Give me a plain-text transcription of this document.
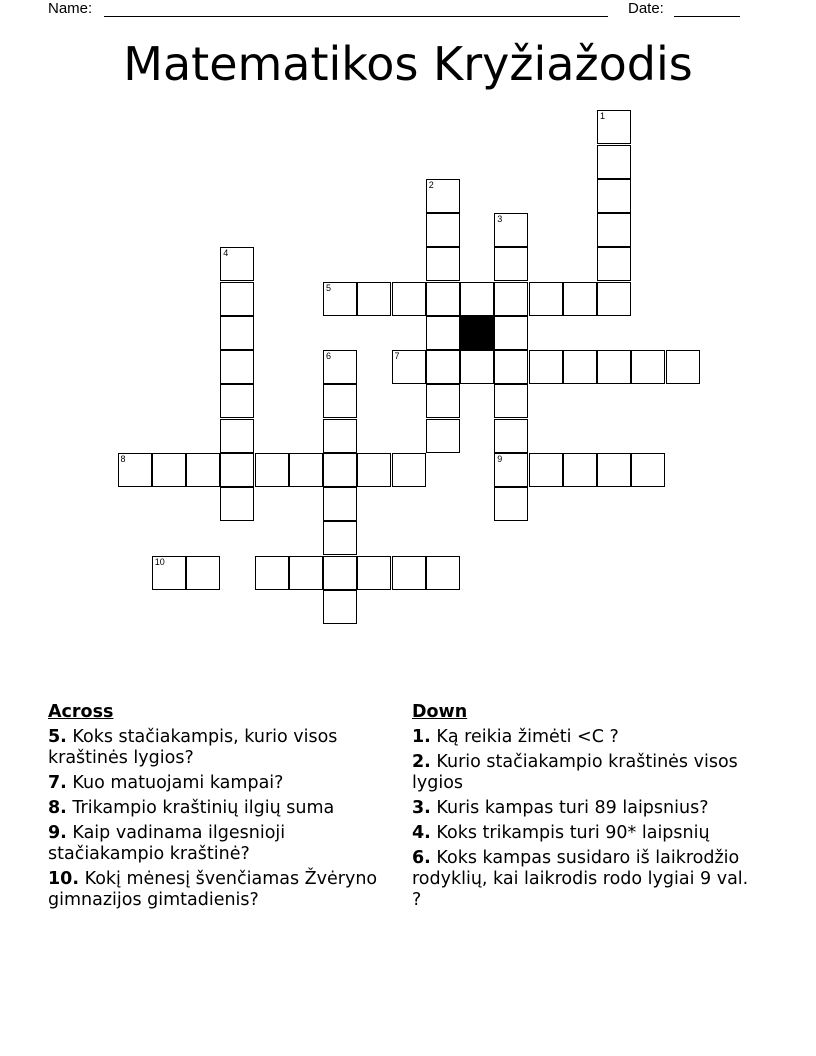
Name:	Date:
Matematikos Kryžiažodis
1
2
3
9
4
5
6	7
8
10
Across
5. Koks stačiakampis, kurio visos kraštinės lygios?
7. Kuo matuojami kampai?
8. Trikampio kraštinių ilgių suma
9. Kaip vadinama ilgesnioji stačiakampio kraštinė?
10. Kokį mėnesį švenčiamas Žvėryno gimnazijos gimtadienis?
Down
1. Ką reikia žimėti <C ?
2. Kurio stačiakampio kraštinės visos lygios
3. Kuris kampas turi 89 laipsnius?
4. Koks trikampis turi 90* laipsnių
6. Koks kampas susidaro iš laikrodžio rodyklių, kai laikrodis rodo lygiai 9 val. ?
